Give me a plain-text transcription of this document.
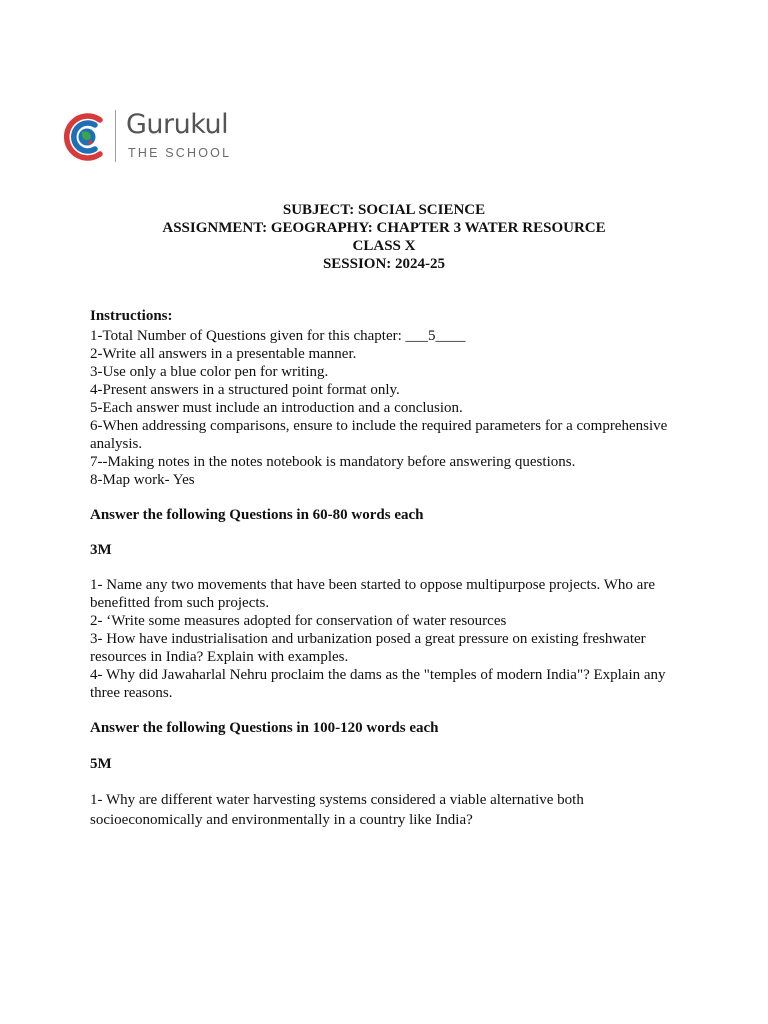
Gurukul
THE SCHOOL
SUBJECT: SOCIAL SCIENCE
ASSIGNMENT: GEOGRAPHY: CHAPTER 3 WATER RESOURCE
CLASS X
SESSION: 2024-25
Instructions:
1-Total Number of Questions given for this chapter: ___5____
2-Write all answers in a presentable manner.
3-Use only a blue color pen for writing.
4-Present answers in a structured point format only.
5-Each answer must include an introduction and a conclusion.
6-When addressing comparisons, ensure to include the required parameters for a comprehensive analysis.
7--Making notes in the notes notebook is mandatory before answering questions.
8-Map work- Yes
Answer the following Questions in 60-80 words each
3M
1- Name any two movements that have been started to oppose multipurpose projects. Who are benefitted from such projects.
2- ‘Write some measures adopted for conservation of water resources
3- How have industrialisation and urbanization posed a great pressure on existing freshwater resources in India? Explain with examples.
4- Why did Jawaharlal Nehru proclaim the dams as the "temples of modern India"? Explain any three reasons.
Answer the following Questions in 100-120 words each
5M
1- Why are different water harvesting systems considered a viable alternative both socioeconomically and environmentally in a country like India?
